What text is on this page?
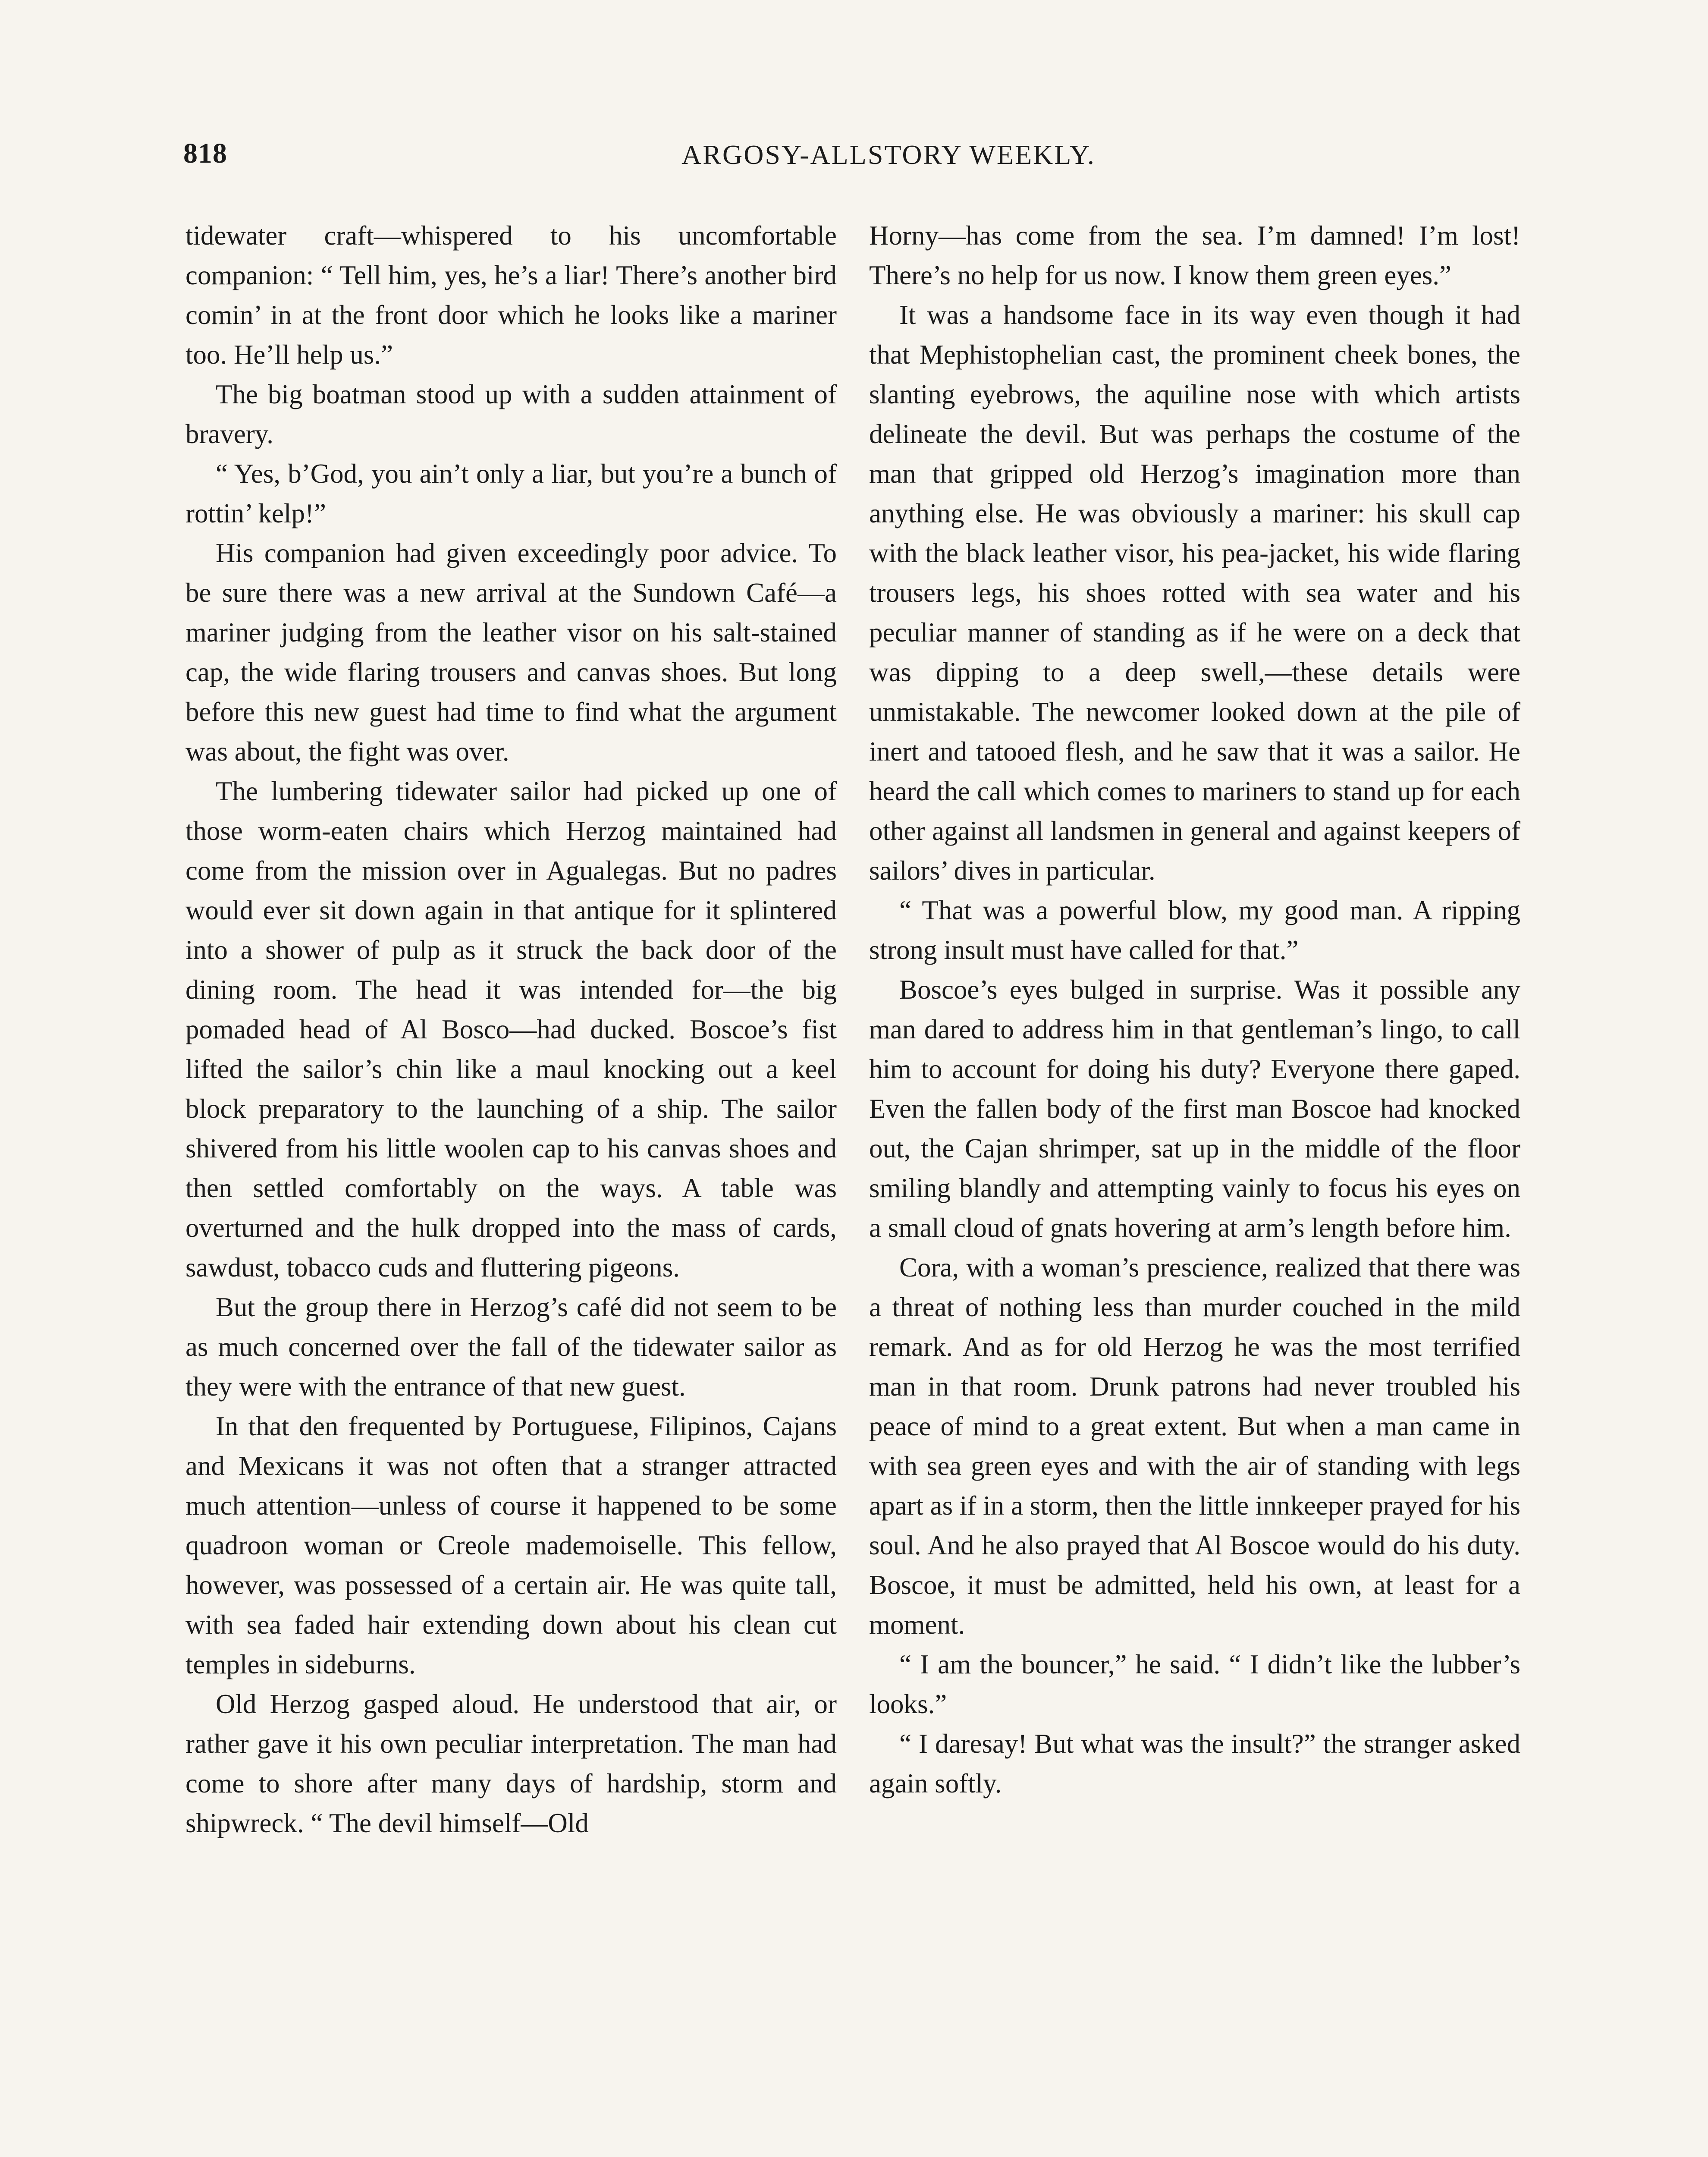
818	ARGOSY-ALLSTORY WEEKLY.

tidewater craft—whispered to his uncomfortable companion: “ Tell him, yes, he’s a liar! There’s another bird comin’ in at the front door which he looks like a mariner too. He’ll help us.”

The big boatman stood up with a sudden attainment of bravery.

“ Yes, b’God, you ain’t only a liar, but you’re a bunch of rottin’ kelp!”

His companion had given exceedingly poor advice. To be sure there was a new arrival at the Sundown Café—a mariner judging from the leather visor on his salt-stained cap, the wide flaring trousers and canvas shoes. But long before this new guest had time to find what the argument was about, the fight was over.

The lumbering tidewater sailor had picked up one of those worm-eaten chairs which Herzog maintained had come from the mission over in Agualegas. But no padres would ever sit down again in that antique for it splintered into a shower of pulp as it struck the back door of the dining room. The head it was intended for—the big pomaded head of Al Bosco—had ducked. Boscoe’s fist lifted the sailor’s chin like a maul knocking out a keel block preparatory to the launching of a ship. The sailor shivered from his little woolen cap to his canvas shoes and then settled comfortably on the ways. A table was overturned and the hulk dropped into the mass of cards, sawdust, tobacco cuds and fluttering pigeons.

But the group there in Herzog’s café did not seem to be as much concerned over the fall of the tidewater sailor as they were with the entrance of that new guest.

In that den frequented by Portuguese, Filipinos, Cajans and Mexicans it was not often that a stranger attracted much attention—unless of course it happened to be some quadroon woman or Creole mademoiselle. This fellow, however, was possessed of a certain air. He was quite tall, with sea faded hair extending down about his clean cut temples in sideburns.

Old Herzog gasped aloud. He understood that air, or rather gave it his own peculiar interpretation. The man had come to shore after many days of hardship, storm and shipwreck. “ The devil himself—Old

Horny—has come from the sea. I’m damned! I’m lost! There’s no help for us now. I know them green eyes.”

It was a handsome face in its way even though it had that Mephistophelian cast, the prominent cheek bones, the slanting eyebrows, the aquiline nose with which artists delineate the devil. But was perhaps the costume of the man that gripped old Herzog’s imagination more than anything else. He was obviously a mariner: his skull cap with the black leather visor, his pea-jacket, his wide flaring trousers legs, his shoes rotted with sea water and his peculiar manner of standing as if he were on a deck that was dipping to a deep swell,—these details were unmistakable. The newcomer looked down at the pile of inert and tatooed flesh, and he saw that it was a sailor. He heard the call which comes to mariners to stand up for each other against all landsmen in general and against keepers of sailors’ dives in particular.

“ That was a powerful blow, my good man. A ripping strong insult must have called for that.”

Boscoe’s eyes bulged in surprise. Was it possible any man dared to address him in that gentleman’s lingo, to call him to account for doing his duty? Everyone there gaped. Even the fallen body of the first man Boscoe had knocked out, the Cajan shrimper, sat up in the middle of the floor smiling blandly and attempting vainly to focus his eyes on a small cloud of gnats hovering at arm’s length before him.

Cora, with a woman’s prescience, realized that there was a threat of nothing less than murder couched in the mild remark. And as for old Herzog he was the most terrified man in that room. Drunk patrons had never troubled his peace of mind to a great extent. But when a man came in with sea green eyes and with the air of standing with legs apart as if in a storm, then the little innkeeper prayed for his soul. And he also prayed that Al Boscoe would do his duty. Boscoe, it must be admitted, held his own, at least for a moment.

“ I am the bouncer,” he said. “ I didn’t like the lubber’s looks.”

“ I daresay! But what was the insult?” the stranger asked again softly.
